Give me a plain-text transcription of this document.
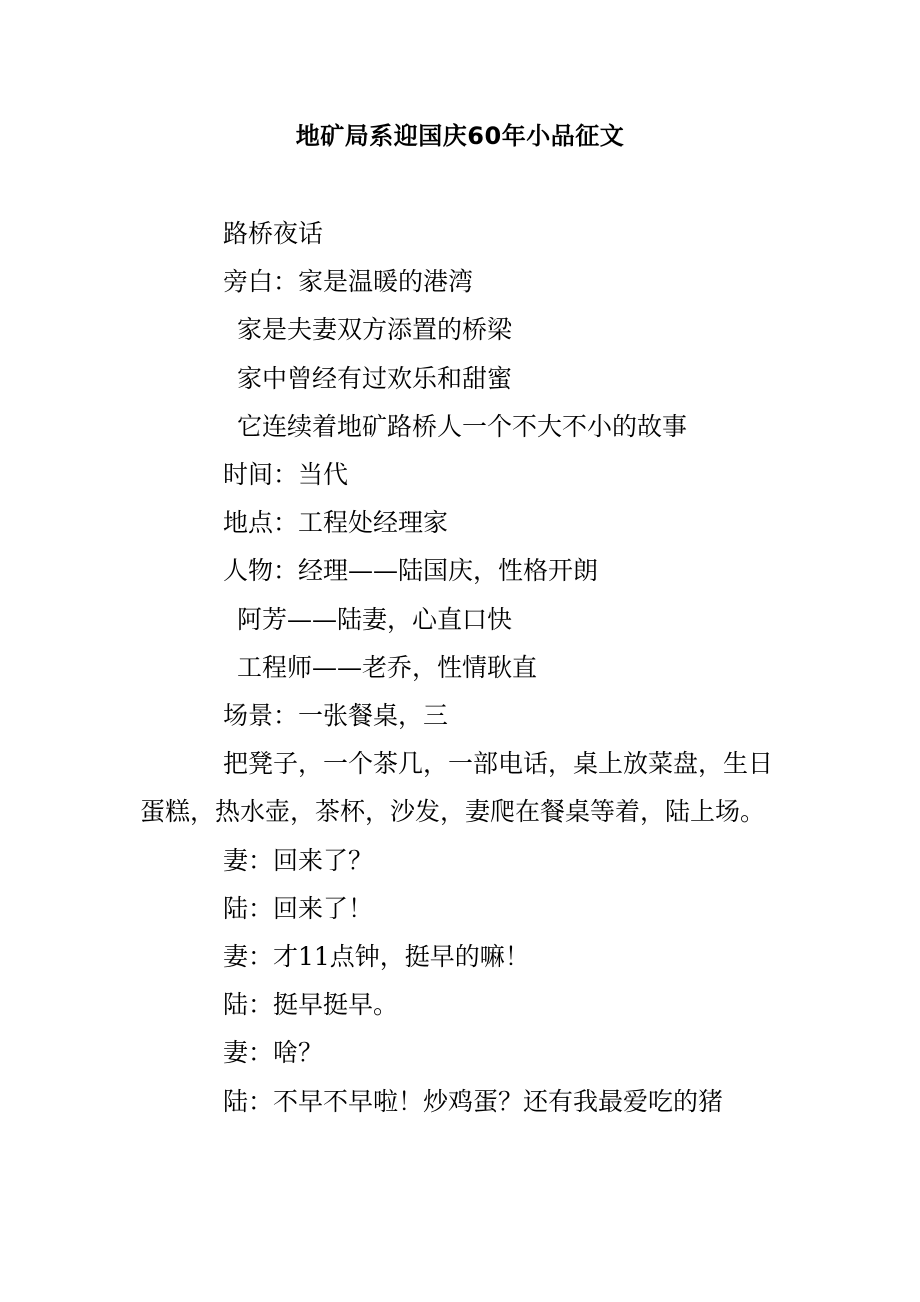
地矿局系迎国庆60年小品征文
路桥夜话
旁白：家是温暖的港湾
家是夫妻双方添置的桥梁
家中曾经有过欢乐和甜蜜
它连续着地矿路桥人一个不大不小的故事
时间：当代
地点：工程处经理家
人物：经理——陆国庆，性格开朗
阿芳——陆妻，心直口快
工程师——老乔，性情耿直
场景：一张餐桌，三
把凳子，一个茶几，一部电话，桌上放菜盘，生日蛋糕，热水壶，茶杯，沙发，妻爬在餐桌等着，陆上场。
妻：回来了？
陆：回来了！
妻：才11点钟，挺早的嘛！
陆：挺早挺早。
妻：啥？
陆：不早不早啦！炒鸡蛋？还有我最爱吃的猪
